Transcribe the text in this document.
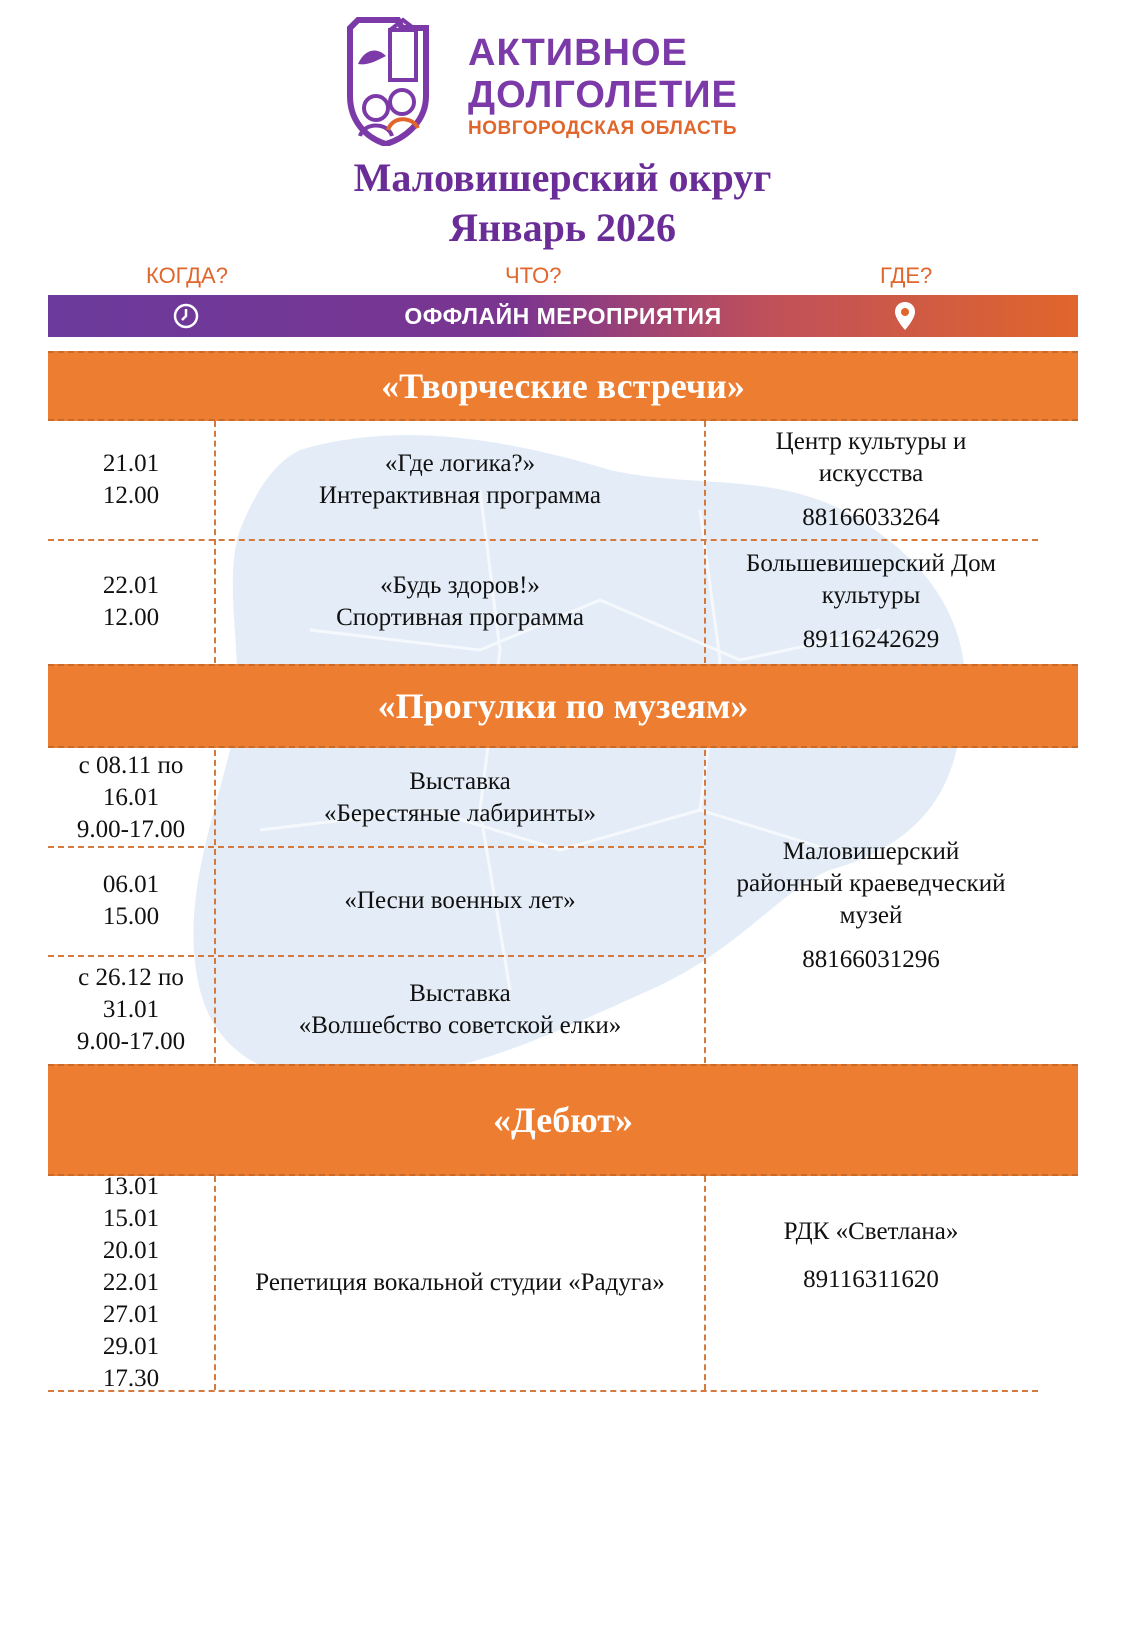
АКТИВНОЕ
ДОЛГОЛЕТИЕ
НОВГОРОДСКАЯ ОБЛАСТЬ
Маловишерский округ
Январь 2026
КОГДА?	ЧТО?	ГДЕ?
ОФФЛАЙН МЕРОПРИЯТИЯ
«Творческие встречи»
21.01
12.00
«Где логика?»
Интерактивная программа
Центр культуры и
искусства
88166033264
22.01
12.00
«Будь здоров!»
Спортивная программа
Большевишерский Дом
культуры
89116242629
«Прогулки по музеям»
с 08.11 по
16.01
9.00-17.00
Выставка
«Берестяные лабиринты»
06.01
15.00
«Песни военных лет»
с 26.12 по
31.01
9.00-17.00
Выставка
«Волшебство советской елки»
Маловишерский
районный краеведческий
музей
88166031296
«Дебют»
13.01
15.01
20.01
22.01
27.01
29.01
17.30
Репетиция вокальной студии «Радуга»
РДК «Светлана»
89116311620
